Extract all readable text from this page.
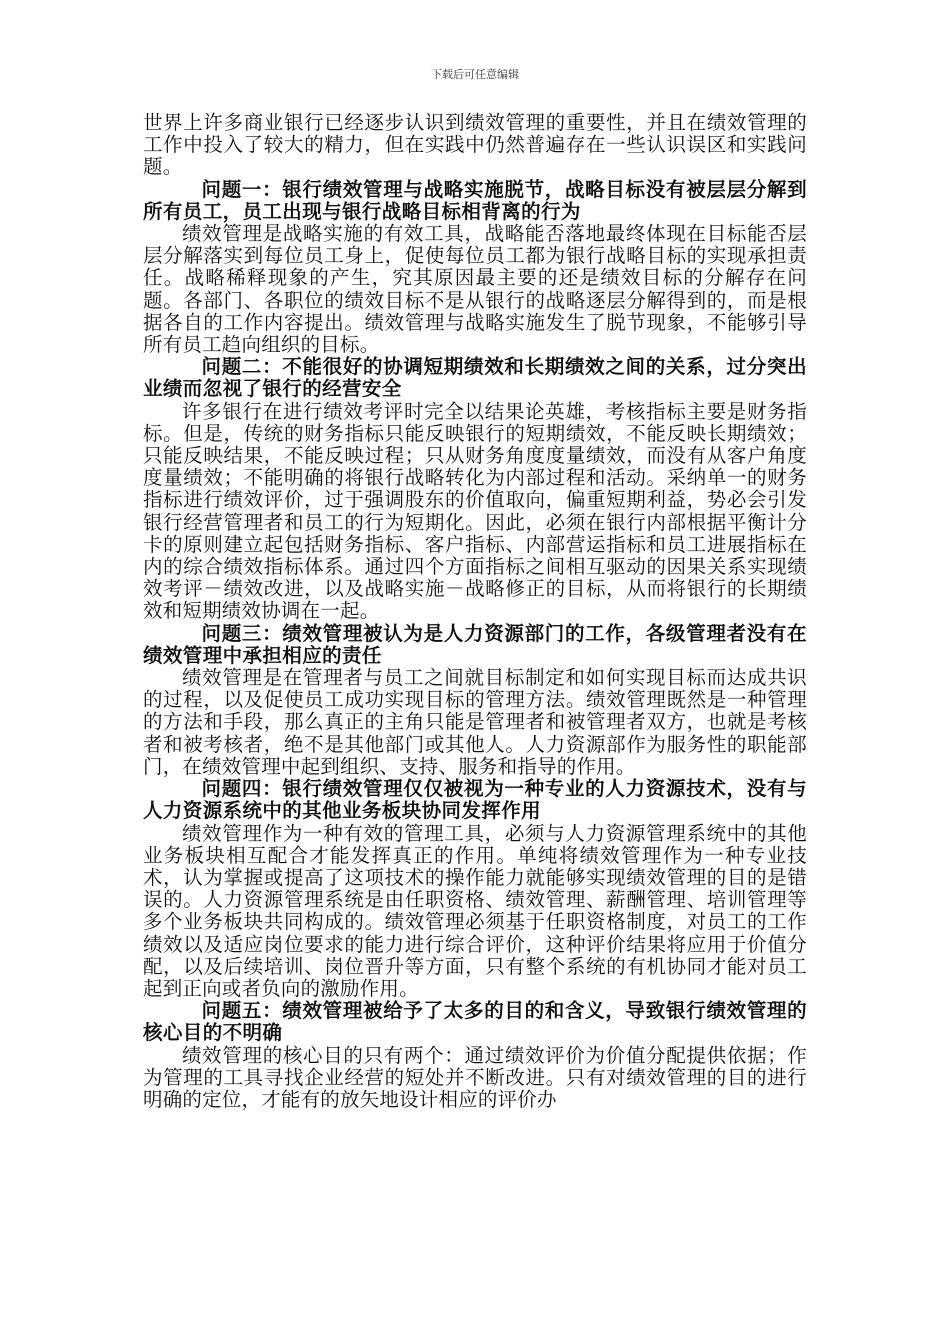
下载后可任意编辑

世界上许多商业银行已经逐步认识到绩效管理的重要性，并且在绩效管理的工作中投入了较大的精力，但在实践中仍然普遍存在一些认识误区和实践问题。

问题一：银行绩效管理与战略实施脱节，战略目标没有被层层分解到所有员工，员工出现与银行战略目标相背离的行为

绩效管理是战略实施的有效工具，战略能否落地最终体现在目标能否层层分解落实到每位员工身上，促使每位员工都为银行战略目标的实现承担责任。战略稀释现象的产生，究其原因最主要的还是绩效目标的分解存在问题。各部门、各职位的绩效目标不是从银行的战略逐层分解得到的，而是根据各自的工作内容提出。绩效管理与战略实施发生了脱节现象，不能够引导所有员工趋向组织的目标。

问题二：不能很好的协调短期绩效和长期绩效之间的关系，过分突出业绩而忽视了银行的经营安全

许多银行在进行绩效考评时完全以结果论英雄，考核指标主要是财务指标。但是，传统的财务指标只能反映银行的短期绩效，不能反映长期绩效；只能反映结果，不能反映过程；只从财务角度度量绩效，而没有从客户角度度量绩效；不能明确的将银行战略转化为内部过程和活动。采纳单一的财务指标进行绩效评价，过于强调股东的价值取向，偏重短期利益，势必会引发银行经营管理者和员工的行为短期化。因此，必须在银行内部根据平衡计分卡的原则建立起包括财务指标、客户指标、内部营运指标和员工进展指标在内的综合绩效指标体系。通过四个方面指标之间相互驱动的因果关系实现绩效考评－绩效改进，以及战略实施－战略修正的目标，从而将银行的长期绩效和短期绩效协调在一起。

问题三：绩效管理被认为是人力资源部门的工作，各级管理者没有在绩效管理中承担相应的责任

绩效管理是在管理者与员工之间就目标制定和如何实现目标而达成共识的过程，以及促使员工成功实现目标的管理方法。绩效管理既然是一种管理的方法和手段，那么真正的主角只能是管理者和被管理者双方，也就是考核者和被考核者，绝不是其他部门或其他人。人力资源部作为服务性的职能部门，在绩效管理中起到组织、支持、服务和指导的作用。

问题四：银行绩效管理仅仅被视为一种专业的人力资源技术，没有与人力资源系统中的其他业务板块协同发挥作用

绩效管理作为一种有效的管理工具，必须与人力资源管理系统中的其他业务板块相互配合才能发挥真正的作用。单纯将绩效管理作为一种专业技术，认为掌握或提高了这项技术的操作能力就能够实现绩效管理的目的是错误的。人力资源管理系统是由任职资格、绩效管理、薪酬管理、培训管理等多个业务板块共同构成的。绩效管理必须基于任职资格制度，对员工的工作绩效以及适应岗位要求的能力进行综合评价，这种评价结果将应用于价值分配，以及后续培训、岗位晋升等方面，只有整个系统的有机协同才能对员工起到正向或者负向的激励作用。

问题五：绩效管理被给予了太多的目的和含义，导致银行绩效管理的核心目的不明确

绩效管理的核心目的只有两个：通过绩效评价为价值分配提供依据；作为管理的工具寻找企业经营的短处并不断改进。只有对绩效管理的目的进行明确的定位，才能有的放矢地设计相应的评价办
